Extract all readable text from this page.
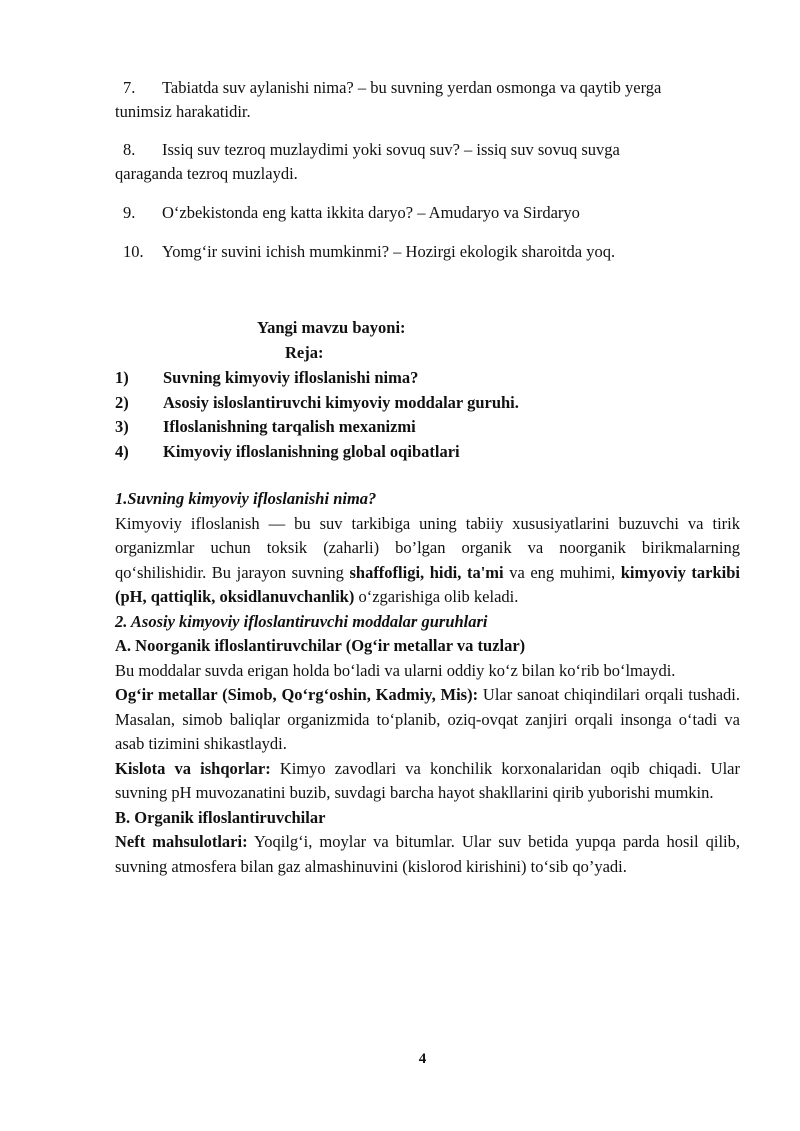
7. Tabiatda suv aylanishi nima? – bu suvning yerdan osmonga va qaytib yerga
tunimsiz harakatidir.
8. Issiq suv tezroq muzlaydimi yoki sovuq suv? – issiq suv sovuq suvga
qaraganda tezroq muzlaydi.
9. O‘zbekistonda eng katta ikkita daryo? – Amudaryo va Sirdaryo
10. Yomg‘ir suvini ichish mumkinmi? – Hozirgi ekologik sharoitda yoq.
Yangi mavzu bayoni:
Reja:
1) Suvning kimyoviy ifloslanishi nima?
2) Asosiy isloslantiruvchi kimyoviy moddalar guruhi.
3) Ifloslanishning tarqalish mexanizmi
4) Kimyoviy ifloslanishning global oqibatlari

1.Suvning kimyoviy ifloslanishi nima?

Kimyoviy ifloslanish — bu suv tarkibiga uning tabiiy xususiyatlarini buzuvchi va tirik organizmlar uchun toksik (zaharli) bo’lgan organik va noorganik birikmalarning qo‘shilishidir. Bu jarayon suvning shaffofligi, hidi, ta'mi va eng muhimi, kimyoviy tarkibi (pH, qattiqlik, oksidlanuvchanlik) o‘zgarishiga olib keladi.

2. Asosiy kimyoviy ifloslantiruvchi moddalar guruhlari

A. Noorganik ifloslantiruvchilar (Og‘ir metallar va tuzlar)

Bu moddalar suvda erigan holda bo‘ladi va ularni oddiy ko‘z bilan ko‘rib bo‘lmaydi.

Og‘ir metallar (Simob, Qo‘rg‘oshin, Kadmiy, Mis): Ular sanoat chiqindilari orqali tushadi. Masalan, simob baliqlar organizmida to‘planib, oziq-ovqat zanjiri orqali insonga o‘tadi va asab tizimini shikastlaydi.

Kislota va ishqorlar: Kimyo zavodlari va konchilik korxonalaridan oqib chiqadi. Ular suvning pH muvozanatini buzib, suvdagi barcha hayot shakllarini qirib yuborishi mumkin.

B. Organik ifloslantiruvchilar

Neft mahsulotlari: Yoqilg‘i, moylar va bitumlar. Ular suv betida yupqa parda hosil qilib, suvning atmosfera bilan gaz almashinuvini (kislorod kirishini) to‘sib qo’yadi.

4
